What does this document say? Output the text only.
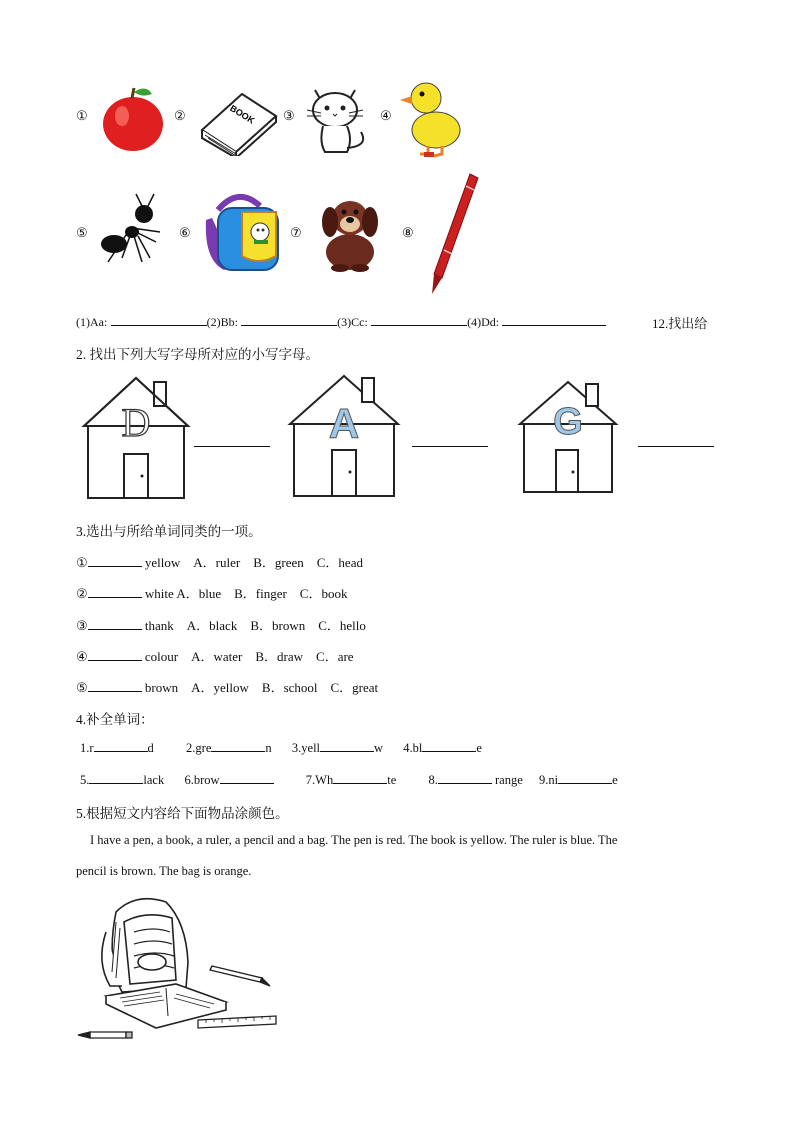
①	②	BOOK ③	④
⑤	⑥	⑦	⑧
(1)Aa:	(2)Bb:	(3)Cc:	(4)Dd:	12.找出给
2. 找出下列大写字母所对应的小写字母。
D	A	G
3.选出与所给单词同类的一项。
①	yellow　A．ruler　B．green　C．head
②	white A．blue　B．finger　C．book
③	thank　A．black　B．brown　C．hello
④	colour　A．water　B．draw　C．are
⑤	brown　A．yellow　B．school　C．great
4.补全单词：
1.r	d	2.gre	n 3.yell	w 4.bl	e
5.	lack 6.brow	7.Wh	te	8.	range 9.ni	e
5.根据短文内容给下面物品涂颜色。
I have a pen, a book, a ruler, a pencil and a bag. The pen is red. The book is yellow. The ruler is blue. The
pencil is brown. The bag is orange.
